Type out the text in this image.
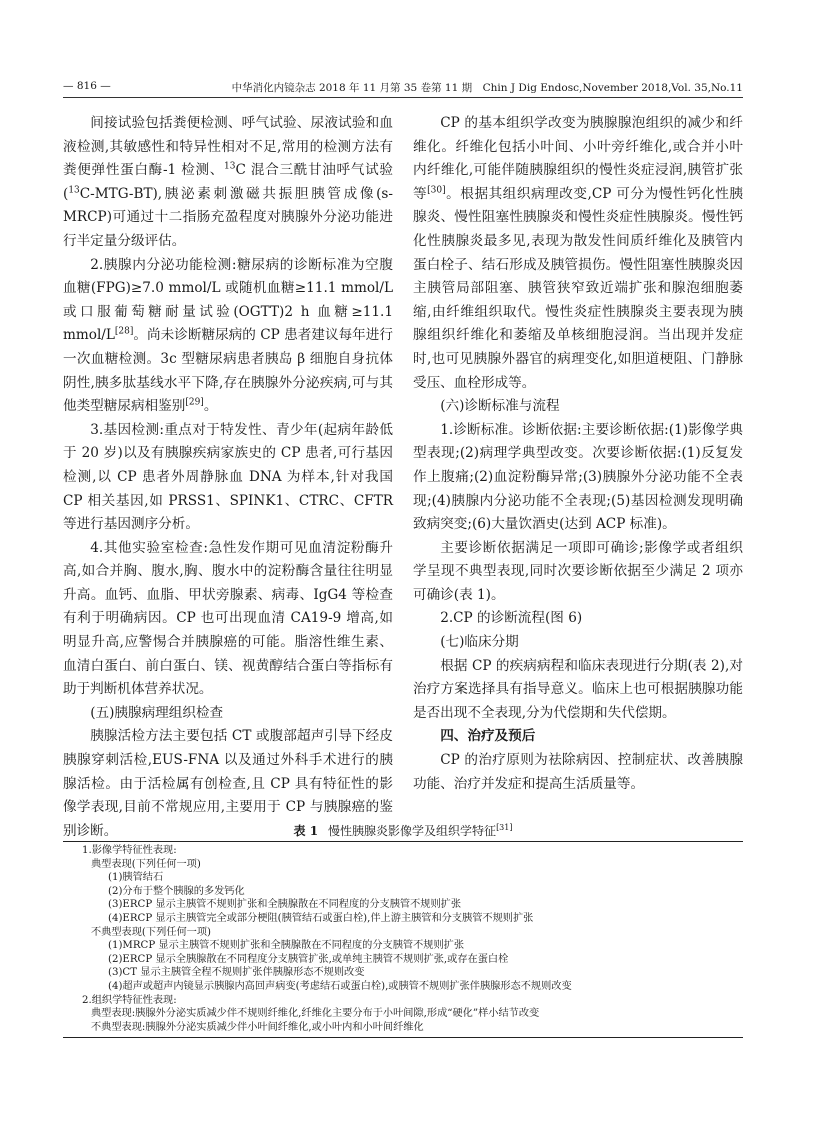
— 816 —	中华消化内镜杂志 2018 年 11 月第 35 卷第 11 期　Chin J Dig Endosc,November 2018,Vol. 35,No.11

间接试验包括粪便检测、呼气试验、尿液试验和血液检测,其敏感性和特异性相对不足,常用的检测方法有粪便弹性蛋白酶-1 检测、$^{13}$C 混合三酰甘油呼气试验($^{13}$C-MTG-BT),胰泌素刺激磁共振胆胰管成像(s-MRCP)可通过十二指肠充盈程度对胰腺外分泌功能进行半定量分级评估。

2.胰腺内分泌功能检测:糖尿病的诊断标准为空腹血糖(FPG)≥7.0 mmol/L 或随机血糖≥11.1 mmol/L或口服葡萄糖耐量试验(OGTT)2 h 血糖≥11.1 mmol/L[28]。尚未诊断糖尿病的 CP 患者建议每年进行一次血糖检测。3c 型糖尿病患者胰岛 β 细胞自身抗体阴性,胰多肽基线水平下降,存在胰腺外分泌疾病,可与其他类型糖尿病相鉴别[29]。

3.基因检测:重点对于特发性、青少年(起病年龄低于 20 岁)以及有胰腺疾病家族史的 CP 患者,可行基因检测,以 CP 患者外周静脉血 DNA 为样本,针对我国 CP 相关基因,如 PRSS1、SPINK1、CTRC、CFTR 等进行基因测序分析。

4.其他实验室检查:急性发作期可见血清淀粉酶升高,如合并胸、腹水,胸、腹水中的淀粉酶含量往往明显升高。血钙、血脂、甲状旁腺素、病毒、IgG4 等检查有利于明确病因。CP 也可出现血清 CA19-9 增高,如明显升高,应警惕合并胰腺癌的可能。脂溶性维生素、血清白蛋白、前白蛋白、镁、视黄醇结合蛋白等指标有助于判断机体营养状况。

(五)胰腺病理组织检查

胰腺活检方法主要包括 CT 或腹部超声引导下经皮胰腺穿刺活检,EUS-FNA 以及通过外科手术进行的胰腺活检。由于活检属有创检查,且 CP 具有特征性的影像学表现,目前不常规应用,主要用于 CP 与胰腺癌的鉴别诊断。

CP 的基本组织学改变为胰腺腺泡组织的减少和纤维化。纤维化包括小叶间、小叶旁纤维化,或合并小叶内纤维化,可能伴随胰腺组织的慢性炎症浸润,胰管扩张等[30]。根据其组织病理改变,CP 可分为慢性钙化性胰腺炎、慢性阻塞性胰腺炎和慢性炎症性胰腺炎。慢性钙化性胰腺炎最多见,表现为散发性间质纤维化及胰管内蛋白栓子、结石形成及胰管损伤。慢性阻塞性胰腺炎因主胰管局部阻塞、胰管狭窄致近端扩张和腺泡细胞萎缩,由纤维组织取代。慢性炎症性胰腺炎主要表现为胰腺组织纤维化和萎缩及单核细胞浸润。当出现并发症时,也可见胰腺外器官的病理变化,如胆道梗阻、门静脉受压、血栓形成等。

(六)诊断标准与流程

1.诊断标准。诊断依据:主要诊断依据:(1)影像学典型表现;(2)病理学典型改变。次要诊断依据:(1)反复发作上腹痛;(2)血淀粉酶异常;(3)胰腺外分泌功能不全表现;(4)胰腺内分泌功能不全表现;(5)基因检测发现明确致病突变;(6)大量饮酒史(达到 ACP 标准)。

主要诊断依据满足一项即可确诊;影像学或者组织学呈现不典型表现,同时次要诊断依据至少满足 2 项亦可确诊(表 1)。

2.CP 的诊断流程(图 6)

(七)临床分期

根据 CP 的疾病病程和临床表现进行分期(表 2),对治疗方案选择具有指导意义。临床上也可根据胰腺功能是否出现不全表现,分为代偿期和失代偿期。

四、治疗及预后

CP 的治疗原则为祛除病因、控制症状、改善胰腺功能、治疗并发症和提高生活质量等。

表 1 慢性胰腺炎影像学及组织学特征[31]
1.影像学特征性表现:
典型表现(下列任何一项)
(1)胰管结石
(2)分布于整个胰腺的多发钙化
(3)ERCP 显示主胰管不规则扩张和全胰腺散在不同程度的分支胰管不规则扩张
(4)ERCP 显示主胰管完全或部分梗阻(胰管结石或蛋白栓),伴上游主胰管和分支胰管不规则扩张
不典型表现(下列任何一项)
(1)MRCP 显示主胰管不规则扩张和全胰腺散在不同程度的分支胰管不规则扩张
(2)ERCP 显示全胰腺散在不同程度分支胰管扩张,或单纯主胰管不规则扩张,或存在蛋白栓
(3)CT 显示主胰管全程不规则扩张伴胰腺形态不规则改变
(4)超声或超声内镜显示胰腺内高回声病变(考虑结石或蛋白栓),或胰管不规则扩张伴胰腺形态不规则改变
2.组织学特征性表现:
典型表现:胰腺外分泌实质减少伴不规则纤维化,纤维化主要分布于小叶间隙,形成“硬化”样小结节改变
不典型表现:胰腺外分泌实质减少伴小叶间纤维化,或小叶内和小叶间纤维化
